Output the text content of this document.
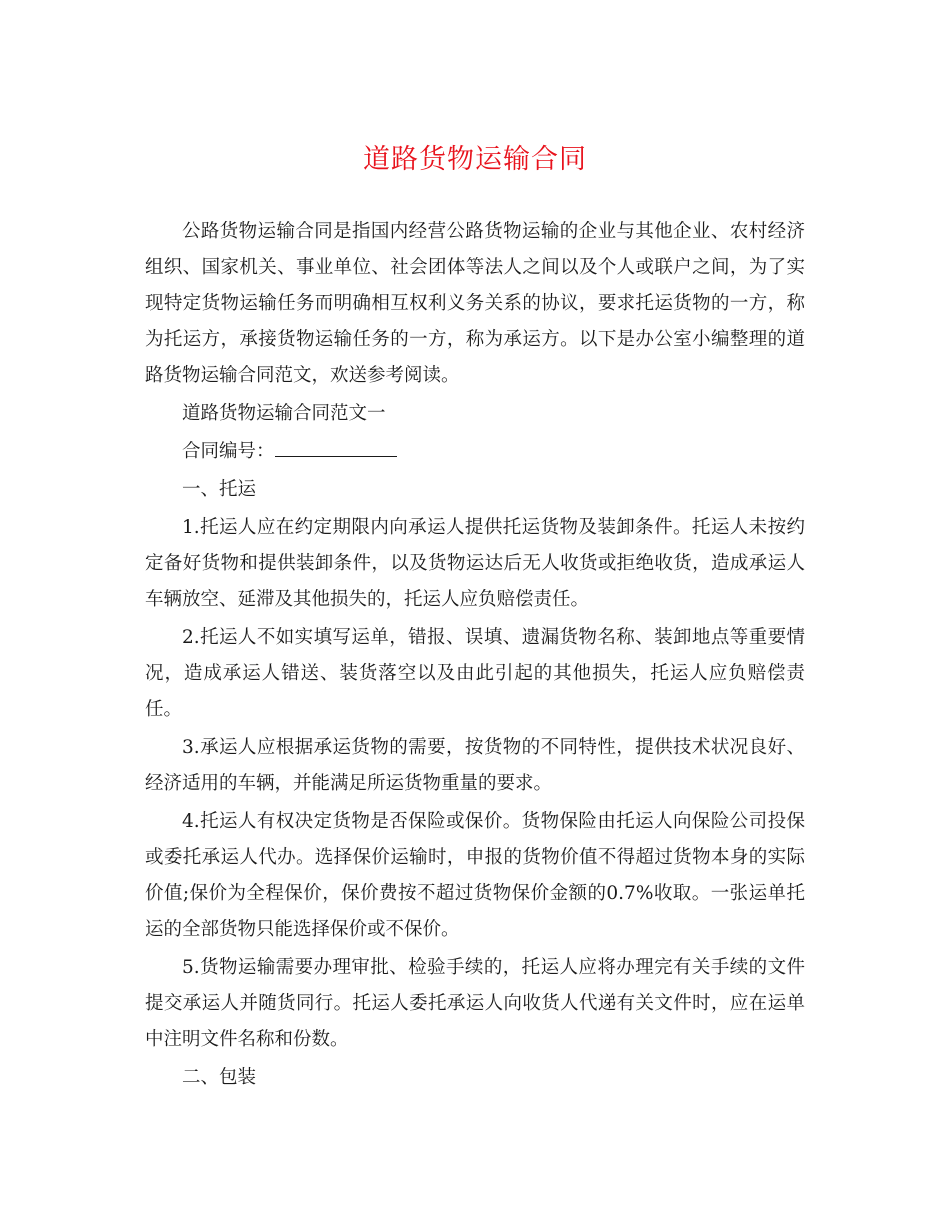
道路货物运输合同

公路货物运输合同是指国内经营公路货物运输的企业与其他企业、农村经济组织、国家机关、事业单位、社会团体等法人之间以及个人或联户之间，为了实现特定货物运输任务而明确相互权利义务关系的协议，要求托运货物的一方，称为托运方，承接货物运输任务的一方，称为承运方。以下是办公室小编整理的道路货物运输合同范文，欢送参考阅读。

道路货物运输合同范文一

合同编号：

一、托运

1.托运人应在约定期限内向承运人提供托运货物及装卸条件。托运人未按约定备好货物和提供装卸条件，以及货物运达后无人收货或拒绝收货，造成承运人车辆放空、延滞及其他损失的，托运人应负赔偿责任。

2.托运人不如实填写运单，错报、误填、遗漏货物名称、装卸地点等重要情况，造成承运人错送、装货落空以及由此引起的其他损失，托运人应负赔偿责任。

3.承运人应根据承运货物的需要，按货物的不同特性，提供技术状况良好、经济适用的车辆，并能满足所运货物重量的要求。

4.托运人有权决定货物是否保险或保价。货物保险由托运人向保险公司投保或委托承运人代办。选择保价运输时，申报的货物价值不得超过货物本身的实际价值;保价为全程保价，保价费按不超过货物保价金额的0.7%收取。一张运单托运的全部货物只能选择保价或不保价。

5.货物运输需要办理审批、检验手续的，托运人应将办理完有关手续的文件提交承运人并随货同行。托运人委托承运人向收货人代递有关文件时，应在运单中注明文件名称和份数。

二、包装
